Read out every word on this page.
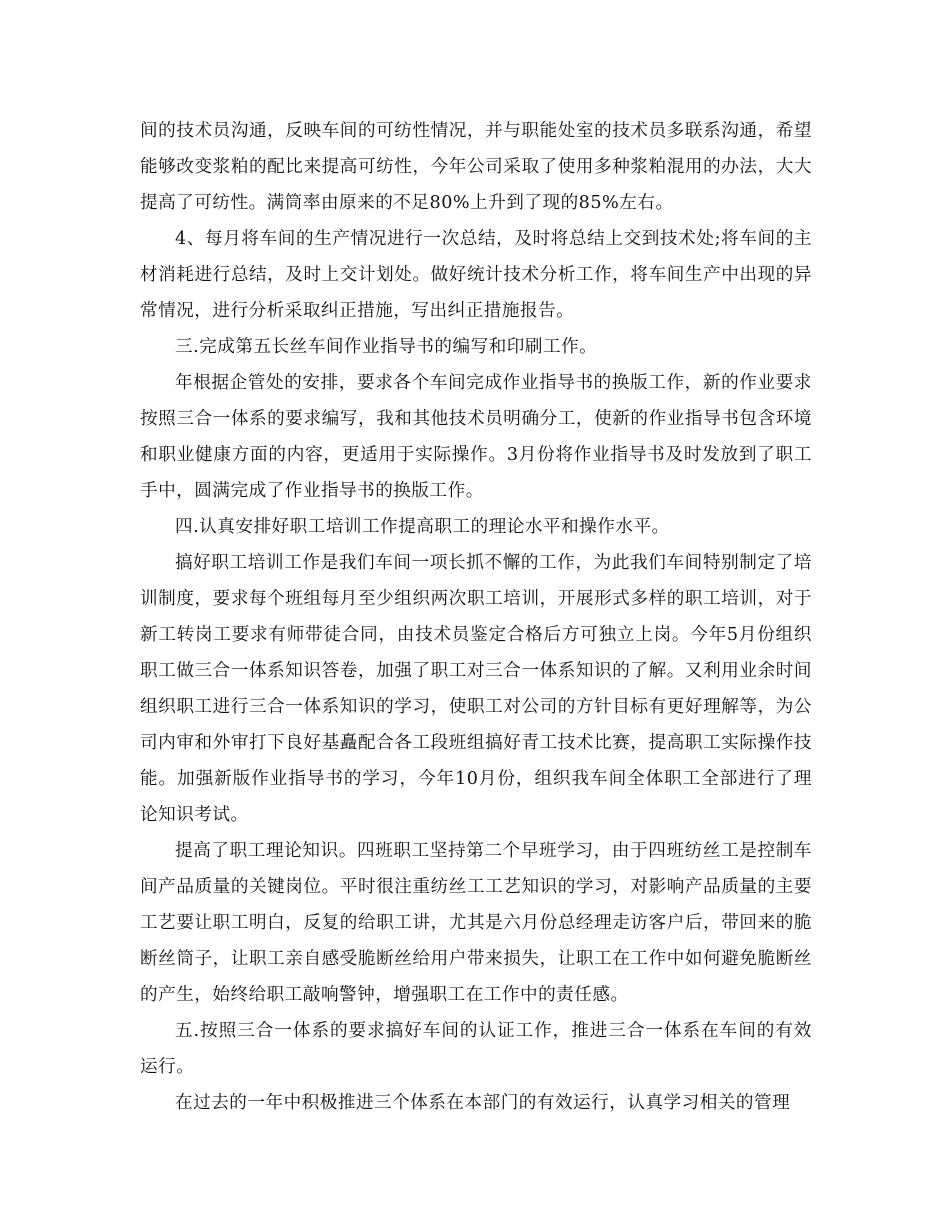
间的技术员沟通，反映车间的可纺性情况，并与职能处室的技术员多联系沟通，希望能够改变浆粕的配比来提高可纺性，今年公司采取了使用多种浆粕混用的办法，大大提高了可纺性。满筒率由原来的不足80%上升到了现的85%左右。

4、每月将车间的生产情况进行一次总结，及时将总结上交到技术处;将车间的主材消耗进行总结，及时上交计划处。做好统计技术分析工作，将车间生产中出现的异常情况，进行分析采取纠正措施，写出纠正措施报告。

三.完成第五长丝车间作业指导书的编写和印刷工作。

年根据企管处的安排，要求各个车间完成作业指导书的换版工作，新的作业要求按照三合一体系的要求编写，我和其他技术员明确分工，使新的作业指导书包含环境和职业健康方面的内容，更适用于实际操作。3月份将作业指导书及时发放到了职工手中，圆满完成了作业指导书的换版工作。

四.认真安排好职工培训工作提高职工的理论水平和操作水平。

搞好职工培训工作是我们车间一项长抓不懈的工作，为此我们车间特别制定了培训制度，要求每个班组每月至少组织两次职工培训，开展形式多样的职工培训，对于新工转岗工要求有师带徒合同，由技术员鉴定合格后方可独立上岗。今年5月份组织职工做三合一体系知识答卷，加强了职工对三合一体系知识的了解。又利用业余时间组织职工进行三合一体系知识的学习，使职工对公司的方针目标有更好理解等，为公司内审和外审打下良好基矗配合各工段班组搞好青工技术比赛，提高职工实际操作技能。加强新版作业指导书的学习，今年10月份，组织我车间全体职工全部进行了理论知识考试。

提高了职工理论知识。四班职工坚持第二个早班学习，由于四班纺丝工是控制车间产品质量的关键岗位。平时很注重纺丝工工艺知识的学习，对影响产品质量的主要工艺要让职工明白，反复的给职工讲，尤其是六月份总经理走访客户后，带回来的脆断丝筒子，让职工亲自感受脆断丝给用户带来损失，让职工在工作中如何避免脆断丝的产生，始终给职工敲响警钟，增强职工在工作中的责任感。

五.按照三合一体系的要求搞好车间的认证工作，推进三合一体系在车间的有效运行。

在过去的一年中积极推进三个体系在本部门的有效运行，认真学习相关的管理
